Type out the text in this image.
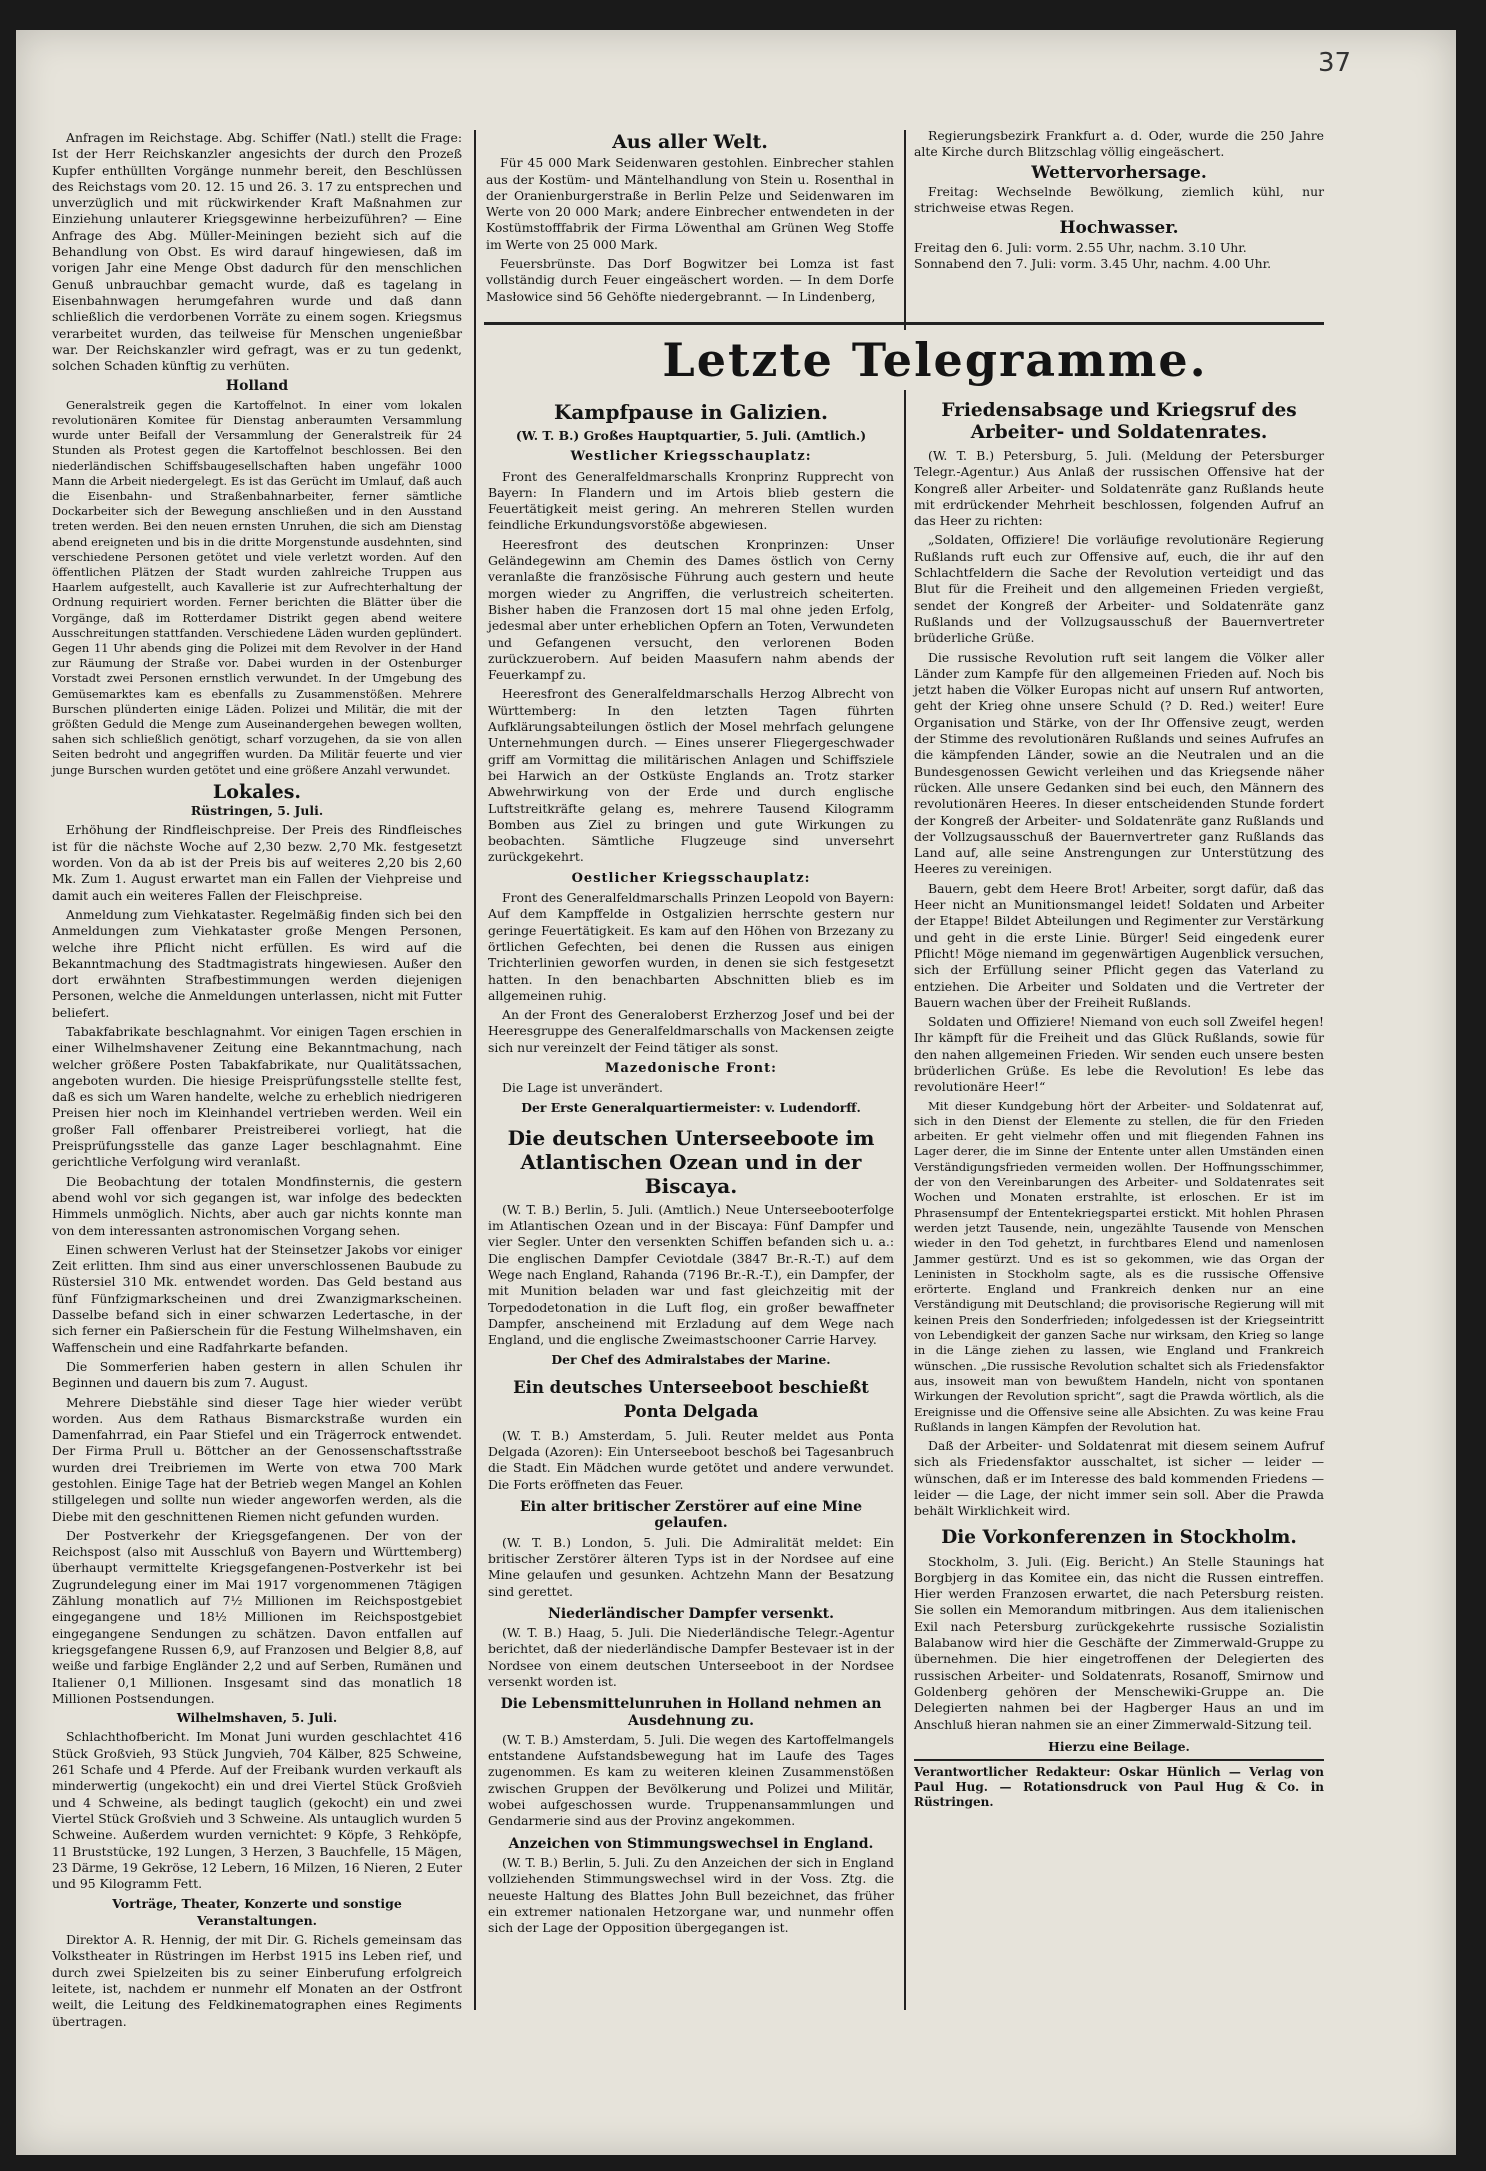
37

Anfragen im Reichstage. Abg. Schiffer (Natl.) stellt die Frage: Ist der Herr Reichskanzler angesichts der durch den Prozeß Kupfer enthüllten Vorgänge nunmehr bereit, den Beschlüssen des Reichstags vom 20. 12. 15 und 26. 3. 17 zu entsprechen und unverzüglich und mit rückwirkender Kraft Maßnahmen zur Einziehung unlauterer Kriegsgewinne herbeizuführen? — Eine Anfrage des Abg. Müller-Meiningen bezieht sich auf die Behandlung von Obst. Es wird darauf hingewiesen, daß im vorigen Jahr eine Menge Obst dadurch für den menschlichen Genuß unbrauchbar gemacht wurde, daß es tagelang in Eisenbahnwagen herumgefahren wurde und daß dann schließlich die verdorbenen Vorräte zu einem sogen. Kriegsmus verarbeitet wurden, das teilweise für Menschen ungenießbar war. Der Reichskanzler wird gefragt, was er zu tun gedenkt, solchen Schaden künftig zu verhüten.

Holland

Generalstreik gegen die Kartoffelnot. In einer vom lokalen revolutionären Komitee für Dienstag anberaumten Versammlung wurde unter Beifall der Versammlung der Generalstreik für 24 Stunden als Protest gegen die Kartoffelnot beschlossen. Bei den niederländischen Schiffsbaugesellschaften haben ungefähr 1000 Mann die Arbeit niedergelegt. Es ist das Gerücht im Umlauf, daß auch die Eisenbahn- und Straßenbahnarbeiter, ferner sämtliche Dockarbeiter sich der Bewegung anschließen und in den Ausstand treten werden. Bei den neuen ernsten Unruhen, die sich am Dienstag abend ereigneten und bis in die dritte Morgenstunde ausdehnten, sind verschiedene Personen getötet und viele verletzt worden. Auf den öffentlichen Plätzen der Stadt wurden zahlreiche Truppen aus Haarlem aufgestellt, auch Kavallerie ist zur Aufrechterhaltung der Ordnung requiriert worden. Ferner berichten die Blätter über die Vorgänge, daß im Rotterdamer Distrikt gegen abend weitere Ausschreitungen stattfanden. Verschiedene Läden wurden geplündert. Gegen 11 Uhr abends ging die Polizei mit dem Revolver in der Hand zur Räumung der Straße vor. Dabei wurden in der Ostenburger Vorstadt zwei Personen ernstlich verwundet. In der Umgebung des Gemüsemarktes kam es ebenfalls zu Zusammenstößen. Mehrere Burschen plünderten einige Läden. Polizei und Militär, die mit der größten Geduld die Menge zum Auseinandergehen bewegen wollten, sahen sich schließlich genötigt, scharf vorzugehen, da sie von allen Seiten bedroht und angegriffen wurden. Da Militär feuerte und vier junge Burschen wurden getötet und eine größere Anzahl verwundet.

Lokales.
Rüstringen, 5. Juli.

Erhöhung der Rindfleischpreise. Der Preis des Rindfleisches ist für die nächste Woche auf 2,30 bezw. 2,70 Mk. festgesetzt worden. Von da ab ist der Preis bis auf weiteres 2,20 bis 2,60 Mk. Zum 1. August erwartet man ein Fallen der Viehpreise und damit auch ein weiteres Fallen der Fleischpreise.

Anmeldung zum Viehkataster. Regelmäßig finden sich bei den Anmeldungen zum Viehkataster große Mengen Personen, welche ihre Pflicht nicht erfüllen. Es wird auf die Bekanntmachung des Stadtmagistrats hingewiesen. Außer den dort erwähnten Strafbestimmungen werden diejenigen Personen, welche die Anmeldungen unterlassen, nicht mit Futter beliefert.

Tabakfabrikate beschlagnahmt. Vor einigen Tagen erschien in einer Wilhelmshavener Zeitung eine Bekanntmachung, nach welcher größere Posten Tabakfabrikate, nur Qualitätssachen, angeboten wurden. Die hiesige Preisprüfungsstelle stellte fest, daß es sich um Waren handelte, welche zu erheblich niedrigeren Preisen hier noch im Kleinhandel vertrieben werden. Weil ein großer Fall offenbarer Preistreiberei vorliegt, hat die Preisprüfungsstelle das ganze Lager beschlagnahmt. Eine gerichtliche Verfolgung wird veranlaßt.

Die Beobachtung der totalen Mondfinsternis, die gestern abend wohl vor sich gegangen ist, war infolge des bedeckten Himmels unmöglich. Nichts, aber auch gar nichts konnte man von dem interessanten astronomischen Vorgang sehen.

Einen schweren Verlust hat der Steinsetzer Jakobs vor einiger Zeit erlitten. Ihm sind aus einer unverschlossenen Baubude zu Rüstersiel 310 Mk. entwendet worden. Das Geld bestand aus fünf Fünfzigmarkscheinen und drei Zwanzigmarkscheinen. Dasselbe befand sich in einer schwarzen Ledertasche, in der sich ferner ein Paßierschein für die Festung Wilhelmshaven, ein Waffenschein und eine Radfahrkarte befanden.

Die Sommerferien haben gestern in allen Schulen ihr Beginnen und dauern bis zum 7. August.

Mehrere Diebstähle sind dieser Tage hier wieder verübt worden. Aus dem Rathaus Bismarckstraße wurden ein Damenfahrrad, ein Paar Stiefel und ein Trägerrock entwendet. Der Firma Prull u. Böttcher an der Genossenschaftsstraße wurden drei Treibriemen im Werte von etwa 700 Mark gestohlen. Einige Tage hat der Betrieb wegen Mangel an Kohlen stillgelegen und sollte nun wieder angeworfen werden, als die Diebe mit den geschnittenen Riemen nicht gefunden wurden.

Der Postverkehr der Kriegsgefangenen. Der von der Reichspost (also mit Ausschluß von Bayern und Württemberg) überhaupt vermittelte Kriegsgefangenen-Postverkehr ist bei Zugrundelegung einer im Mai 1917 vorgenommenen 7tägigen Zählung monatlich auf 7½ Millionen im Reichspostgebiet eingegangene und 18½ Millionen im Reichspostgebiet eingegangene Sendungen zu schätzen. Davon entfallen auf kriegsgefangene Russen 6,9, auf Franzosen und Belgier 8,8, auf weiße und farbige Engländer 2,2 und auf Serben, Rumänen und Italiener 0,1 Millionen. Insgesamt sind das monatlich 18 Millionen Postsendungen.

Wilhelmshaven, 5. Juli.

Schlachthofbericht. Im Monat Juni wurden geschlachtet 416 Stück Großvieh, 93 Stück Jungvieh, 704 Kälber, 825 Schweine, 261 Schafe und 4 Pferde. Auf der Freibank wurden verkauft als minderwertig (ungekocht) ein und drei Viertel Stück Großvieh und 4 Schweine, als bedingt tauglich (gekocht) ein und zwei Viertel Stück Großvieh und 3 Schweine. Als untauglich wurden 5 Schweine. Außerdem wurden vernichtet: 9 Köpfe, 3 Rehköpfe, 11 Bruststücke, 192 Lungen, 3 Herzen, 3 Bauchfelle, 15 Mägen, 23 Därme, 19 Gekröse, 12 Lebern, 16 Milzen, 16 Nieren, 2 Euter und 95 Kilogramm Fett.

Vorträge, Theater, Konzerte und sonstige Veranstaltungen.

Direktor A. R. Hennig, der mit Dir. G. Richels gemeinsam das Volkstheater in Rüstringen im Herbst 1915 ins Leben rief, und durch zwei Spielzeiten bis zu seiner Einberufung erfolgreich leitete, ist, nachdem er nunmehr elf Monaten an der Ostfront weilt, die Leitung des Feldkinematographen eines Regiments übertragen.

Aus aller Welt.

Für 45 000 Mark Seidenwaren gestohlen. Einbrecher stahlen aus der Kostüm- und Mäntelhandlung von Stein u. Rosenthal in der Oranienburgerstraße in Berlin Pelze und Seidenwaren im Werte von 20 000 Mark; andere Einbrecher entwendeten in der Kostümstofffabrik der Firma Löwenthal am Grünen Weg Stoffe im Werte von 25 000 Mark.

Feuersbrünste. Das Dorf Bogwitzer bei Lomza ist fast vollständig durch Feuer eingeäschert worden. — In dem Dorfe Masłowice sind 56 Gehöfte niedergebrannt. — In Lindenberg,

Regierungsbezirk Frankfurt a. d. Oder, wurde die 250 Jahre alte Kirche durch Blitzschlag völlig eingeäschert.

Wettervorhersage.

Freitag: Wechselnde Bewölkung, ziemlich kühl, nur strichweise etwas Regen.

Hochwasser.
Freitag den 6. Juli: vorm. 2.55 Uhr, nachm. 3.10 Uhr.
Sonnabend den 7. Juli: vorm. 3.45 Uhr, nachm. 4.00 Uhr.
Letzte Telegramme.
Kampfpause in Galizien.
(W. T. B.) Großes Hauptquartier, 5. Juli. (Amtlich.)
Westlicher Kriegsschauplatz:

Front des Generalfeldmarschalls Kronprinz Rupprecht von Bayern: In Flandern und im Artois blieb gestern die Feuertätigkeit meist gering. An mehreren Stellen wurden feindliche Erkundungsvorstöße abgewiesen.

Heeresfront des deutschen Kronprinzen: Unser Geländegewinn am Chemin des Dames östlich von Cerny veranlaßte die französische Führung auch gestern und heute morgen wieder zu Angriffen, die verlustreich scheiterten. Bisher haben die Franzosen dort 15 mal ohne jeden Erfolg, jedesmal aber unter erheblichen Opfern an Toten, Verwundeten und Gefangenen versucht, den verlorenen Boden zurückzuerobern. Auf beiden Maasufern nahm abends der Feuerkampf zu.

Heeresfront des Generalfeldmarschalls Herzog Albrecht von Württemberg: In den letzten Tagen führten Aufklärungsabteilungen östlich der Mosel mehrfach gelungene Unternehmungen durch. — Eines unserer Fliegergeschwader griff am Vormittag die militärischen Anlagen und Schiffsziele bei Harwich an der Ostküste Englands an. Trotz starker Abwehrwirkung von der Erde und durch englische Luftstreitkräfte gelang es, mehrere Tausend Kilogramm Bomben aus Ziel zu bringen und gute Wirkungen zu beobachten. Sämtliche Flugzeuge sind unversehrt zurückgekehrt.

Oestlicher Kriegsschauplatz:

Front des Generalfeldmarschalls Prinzen Leopold von Bayern: Auf dem Kampffelde in Ostgalizien herrschte gestern nur geringe Feuertätigkeit. Es kam auf den Höhen von Brzezany zu örtlichen Gefechten, bei denen die Russen aus einigen Trichterlinien geworfen wurden, in denen sie sich festgesetzt hatten. In den benachbarten Abschnitten blieb es im allgemeinen ruhig.

An der Front des Generaloberst Erzherzog Josef und bei der Heeresgruppe des Generalfeldmarschalls von Mackensen zeigte sich nur vereinzelt der Feind tätiger als sonst.

Mazedonische Front:

Die Lage ist unverändert.

Der Erste Generalquartiermeister: v. Ludendorff.
Die deutschen Unterseeboote im Atlantischen Ozean und in der Biscaya.

(W. T. B.) Berlin, 5. Juli. (Amtlich.) Neue Unterseebooterfolge im Atlantischen Ozean und in der Biscaya: Fünf Dampfer und vier Segler. Unter den versenkten Schiffen befanden sich u. a.: Die englischen Dampfer Ceviotdale (3847 Br.-R.-T.) auf dem Wege nach England, Rahanda (7196 Br.-R.-T.), ein Dampfer, der mit Munition beladen war und fast gleichzeitig mit der Torpedodetonation in die Luft flog, ein großer bewaffneter Dampfer, anscheinend mit Erzladung auf dem Wege nach England, und die englische Zweimastschooner Carrie Harvey.

Der Chef des Admiralstabes der Marine.
Ein deutsches Unterseeboot beschießt Ponta Delgada

(W. T. B.) Amsterdam, 5. Juli. Reuter meldet aus Ponta Delgada (Azoren): Ein Unterseeboot beschoß bei Tagesanbruch die Stadt. Ein Mädchen wurde getötet und andere verwundet. Die Forts eröffneten das Feuer.

Ein alter britischer Zerstörer auf eine Mine gelaufen.

(W. T. B.) London, 5. Juli. Die Admiralität meldet: Ein britischer Zerstörer älteren Typs ist in der Nordsee auf eine Mine gelaufen und gesunken. Achtzehn Mann der Besatzung sind gerettet.

Niederländischer Dampfer versenkt.

(W. T. B.) Haag, 5. Juli. Die Niederländische Telegr.-Agentur berichtet, daß der niederländische Dampfer Bestevaer ist in der Nordsee von einem deutschen Unterseeboot in der Nordsee versenkt worden ist.

Die Lebensmittelunruhen in Holland nehmen an Ausdehnung zu.

(W. T. B.) Amsterdam, 5. Juli. Die wegen des Kartoffelmangels entstandene Aufstandsbewegung hat im Laufe des Tages zugenommen. Es kam zu weiteren kleinen Zusammenstößen zwischen Gruppen der Bevölkerung und Polizei und Militär, wobei aufgeschossen wurde. Truppenansammlungen und Gendarmerie sind aus der Provinz angekommen.

Anzeichen von Stimmungswechsel in England.

(W. T. B.) Berlin, 5. Juli. Zu den Anzeichen der sich in England vollziehenden Stimmungswechsel wird in der Voss. Ztg. die neueste Haltung des Blattes John Bull bezeichnet, das früher ein extremer nationalen Hetzorgane war, und nunmehr offen sich der Lage der Opposition übergegangen ist.

Friedensabsage und Kriegsruf des Arbeiter- und Soldatenrates.

(W. T. B.) Petersburg, 5. Juli. (Meldung der Petersburger Telegr.-Agentur.) Aus Anlaß der russischen Offensive hat der Kongreß aller Arbeiter- und Soldatenräte ganz Rußlands heute mit erdrückender Mehrheit beschlossen, folgenden Aufruf an das Heer zu richten:

„Soldaten, Offiziere! Die vorläufige revolutionäre Regierung Rußlands ruft euch zur Offensive auf, euch, die ihr auf den Schlachtfeldern die Sache der Revolution verteidigt und das Blut für die Freiheit und den allgemeinen Frieden vergießt, sendet der Kongreß der Arbeiter- und Soldatenräte ganz Rußlands und der Vollzugsausschuß der Bauernvertreter brüderliche Grüße.

Die russische Revolution ruft seit langem die Völker aller Länder zum Kampfe für den allgemeinen Frieden auf. Noch bis jetzt haben die Völker Europas nicht auf unsern Ruf antworten, geht der Krieg ohne unsere Schuld (? D. Red.) weiter! Eure Organisation und Stärke, von der Ihr Offensive zeugt, werden der Stimme des revolutionären Rußlands und seines Aufrufes an die kämpfenden Länder, sowie an die Neutralen und an die Bundesgenossen Gewicht verleihen und das Kriegsende näher rücken. Alle unsere Gedanken sind bei euch, den Männern des revolutionären Heeres. In dieser entscheidenden Stunde fordert der Kongreß der Arbeiter- und Soldatenräte ganz Rußlands und der Vollzugsausschuß der Bauernvertreter ganz Rußlands das Land auf, alle seine Anstrengungen zur Unterstützung des Heeres zu vereinigen.

Bauern, gebt dem Heere Brot! Arbeiter, sorgt dafür, daß das Heer nicht an Munitionsmangel leidet! Soldaten und Arbeiter der Etappe! Bildet Abteilungen und Regimenter zur Verstärkung und geht in die erste Linie. Bürger! Seid eingedenk eurer Pflicht! Möge niemand im gegenwärtigen Augenblick versuchen, sich der Erfüllung seiner Pflicht gegen das Vaterland zu entziehen. Die Arbeiter und Soldaten und die Vertreter der Bauern wachen über der Freiheit Rußlands.

Soldaten und Offiziere! Niemand von euch soll Zweifel hegen! Ihr kämpft für die Freiheit und das Glück Rußlands, sowie für den nahen allgemeinen Frieden. Wir senden euch unsere besten brüderlichen Grüße. Es lebe die Revolution! Es lebe das revolutionäre Heer!“

Mit dieser Kundgebung hört der Arbeiter- und Soldatenrat auf, sich in den Dienst der Elemente zu stellen, die für den Frieden arbeiten. Er geht vielmehr offen und mit fliegenden Fahnen ins Lager derer, die im Sinne der Entente unter allen Umständen einen Verständigungsfrieden vermeiden wollen. Der Hoffnungsschimmer, der von den Vereinbarungen des Arbeiter- und Soldatenrates seit Wochen und Monaten erstrahlte, ist erloschen. Er ist im Phrasensumpf der Ententekriegspartei erstickt. Mit hohlen Phrasen werden jetzt Tausende, nein, ungezählte Tausende von Menschen wieder in den Tod gehetzt, in furchtbares Elend und namenlosen Jammer gestürzt. Und es ist so gekommen, wie das Organ der Leninisten in Stockholm sagte, als es die russische Offensive erörterte. England und Frankreich denken nur an eine Verständigung mit Deutschland; die provisorische Regierung will mit keinen Preis den Sonderfrieden; infolgedessen ist der Kriegseintritt von Lebendigkeit der ganzen Sache nur wirksam, den Krieg so lange in die Länge ziehen zu lassen, wie England und Frankreich wünschen. „Die russische Revolution schaltet sich als Friedensfaktor aus, insoweit man von bewußtem Handeln, nicht von spontanen Wirkungen der Revolution spricht“, sagt die Prawda wörtlich, als die Ereignisse und die Offensive seine alle Absichten. Zu was keine Frau Rußlands in langen Kämpfen der Revolution hat.

Daß der Arbeiter- und Soldatenrat mit diesem seinem Aufruf sich als Friedensfaktor ausschaltet, ist sicher — leider — wünschen, daß er im Interesse des bald kommenden Friedens — leider — die Lage, der nicht immer sein soll. Aber die Prawda behält Wirklichkeit wird.

Die Vorkonferenzen in Stockholm.

Stockholm, 3. Juli. (Eig. Bericht.) An Stelle Staunings hat Borgbjerg in das Komitee ein, das nicht die Russen eintreffen. Hier werden Franzosen erwartet, die nach Petersburg reisten. Sie sollen ein Memorandum mitbringen. Aus dem italienischen Exil nach Petersburg zurückgekehrte russische Sozialistin Balabanow wird hier die Geschäfte der Zimmerwald-Gruppe zu übernehmen. Die hier eingetroffenen der Delegierten des russischen Arbeiter- und Soldatenrats, Rosanoff, Smirnow und Goldenberg gehören der Menschewiki-Gruppe an. Die Delegierten nahmen bei der Hagberger Haus an und im Anschluß hieran nahmen sie an einer Zimmerwald-Sitzung teil.

Hierzu eine Beilage.
Verantwortlicher Redakteur: Oskar Hünlich — Verlag von Paul Hug. — Rotationsdruck von Paul Hug & Co. in Rüstringen.
